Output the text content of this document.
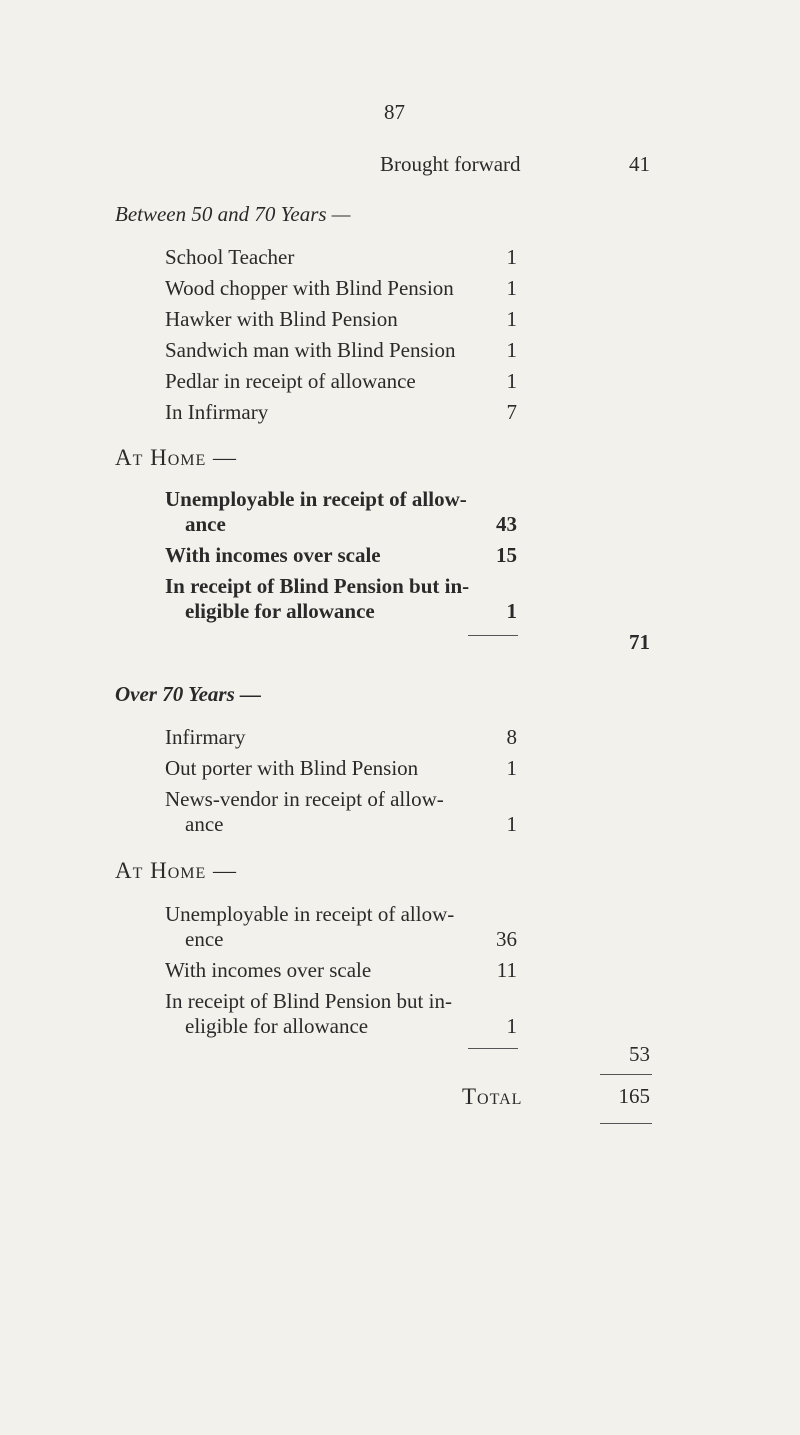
87
Brought forward	41
Between 50 and 70 Years —
School Teacher	1
Wood chopper with Blind Pension	1
Hawker with Blind Pension	1
Sandwich man with Blind Pension	1
Pedlar in receipt of allowance	1
In Infirmary	7
At Home —
Unemployable in receipt of allow-
ance	43
With incomes over scale	15
In receipt of Blind Pension but in-
eligible for allowance	1
71
Over 70 Years —
Infirmary	8
Out porter with Blind Pension	1
News-vendor in receipt of allow-
ance	1
At Home —
Unemployable in receipt of allow-
ence	36
With incomes over scale	11
In receipt of Blind Pension but in-
eligible for allowance	1
53
Total	165
